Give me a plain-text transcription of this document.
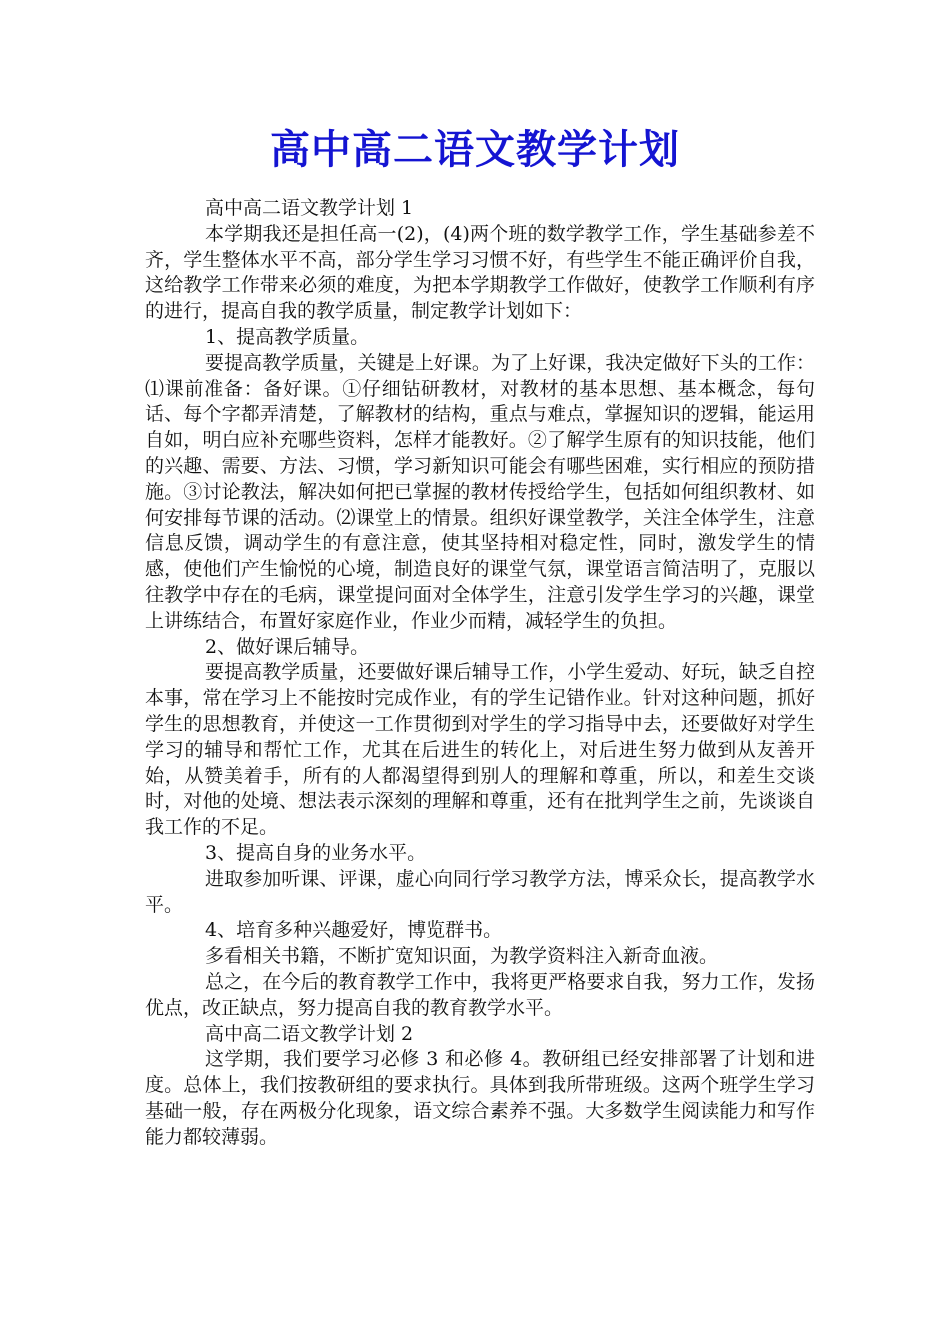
高中高二语文教学计划

高中高二语文教学计划 1

本学期我还是担任高一(2)，(4)两个班的数学教学工作，学生基础参差不齐，学生整体水平不高，部分学生学习习惯不好，有些学生不能正确评价自我，这给教学工作带来必须的难度，为把本学期教学工作做好，使教学工作顺利有序的进行，提高自我的教学质量，制定教学计划如下：

1、提高教学质量。

要提高教学质量，关键是上好课。为了上好课，我决定做好下头的工作：⑴课前准备：备好课。①仔细钻研教材，对教材的基本思想、基本概念，每句话、每个字都弄清楚，了解教材的结构，重点与难点，掌握知识的逻辑，能运用自如，明白应补充哪些资料，怎样才能教好。②了解学生原有的知识技能，他们的兴趣、需要、方法、习惯，学习新知识可能会有哪些困难，实行相应的预防措施。③讨论教法，解决如何把已掌握的教材传授给学生，包括如何组织教材、如何安排每节课的活动。⑵课堂上的情景。组织好课堂教学，关注全体学生，注意信息反馈，调动学生的有意注意，使其坚持相对稳定性，同时，激发学生的情感，使他们产生愉悦的心境，制造良好的课堂气氛，课堂语言简洁明了，克服以往教学中存在的毛病，课堂提问面对全体学生，注意引发学生学习的兴趣，课堂上讲练结合，布置好家庭作业，作业少而精，减轻学生的负担。

2、做好课后辅导。

要提高教学质量，还要做好课后辅导工作，小学生爱动、好玩，缺乏自控本事，常在学习上不能按时完成作业，有的学生记错作业。针对这种问题，抓好学生的思想教育，并使这一工作贯彻到对学生的学习指导中去，还要做好对学生学习的辅导和帮忙工作，尤其在后进生的转化上，对后进生努力做到从友善开始，从赞美着手，所有的人都渴望得到别人的理解和尊重，所以，和差生交谈时，对他的处境、想法表示深刻的理解和尊重，还有在批判学生之前，先谈谈自我工作的不足。

3、提高自身的业务水平。

进取参加听课、评课，虚心向同行学习教学方法，博采众长，提高教学水平。

4、培育多种兴趣爱好，博览群书。

多看相关书籍，不断扩宽知识面，为教学资料注入新奇血液。

总之，在今后的教育教学工作中，我将更严格要求自我，努力工作，发扬优点，改正缺点，努力提高自我的教育教学水平。

高中高二语文教学计划 2

这学期，我们要学习必修 3 和必修 4。教研组已经安排部署了计划和进度。总体上，我们按教研组的要求执行。具体到我所带班级。这两个班学生学习基础一般，存在两极分化现象，语文综合素养不强。大多数学生阅读能力和写作能力都较薄弱。
